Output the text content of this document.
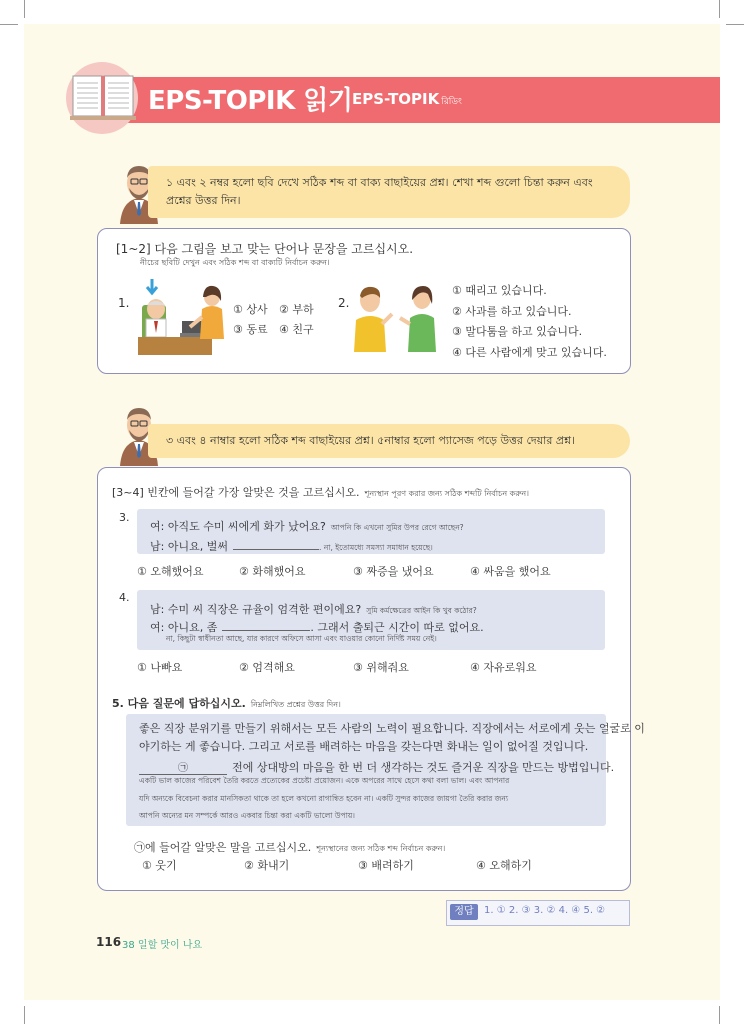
EPS-TOPIK 읽기 EPS-TOPIK রিডিং
১ এবং ২ নম্বর হলো ছবি দেখে সঠিক শব্দ বা বাক্য বাছাইয়ের প্রশ্ন। শেখা শব্দ গুলো চিন্তা করুন এবং প্রশ্নের উত্তর দিন।
[1~2] 다음 그림을 보고 맞는 단어나 문장을 고르십시오.
নীচের ছবিটি দেখুন এবং সঠিক শব্দ বা বাক্যটি নির্বাচন করুন।
1.	① 상사 ② 부하
③ 동료 ④ 친구
2.
① 때리고 있습니다.
② 사과를 하고 있습니다.
③ 말다툼을 하고 있습니다.
④ 다른 사람에게 맞고 있습니다.
৩ এবং ৪ নাম্বার হলো সঠিক শব্দ বাছাইয়ের প্রশ্ন। ৫নাম্বার হলো প্যাসেজ পড়ে উত্তর দেয়ার প্রশ্ন।
[3~4] 빈칸에 들어갈 가장 알맞은 것을 고르십시오. শূন্যস্থান পূরণ করার জন্য সঠিক শব্দটি নির্বাচন করুন।
3.
여: 아직도 수미 씨에게 화가 났어요? আপনি কি এখনো সুমির উপর রেগে আছেন?
남: 아니요, 벌써	. না, ইতোমধ্যে সমস্যা সমাধান হয়েছে।
① 오해했어요	② 화해했어요	③ 짜증을 냈어요	④ 싸움을 했어요
4.
남: 수미 씨 직장은 규율이 엄격한 편이에요? সুমি কর্মক্ষেত্রের আইন কি খুব কঠোর?
여: 아니요, 좀	. 그래서 출퇴근 시간이 따로 없어요.
না, কিছুটা স্বাধীনতা আছে, যার কারণে অফিসে আসা এবং যাওয়ার কোনো নির্দিষ্ট সময় নেই।
① 나빠요	② 엄격해요	③ 위해줘요	④ 자유로워요
5. 다음 질문에 답하십시오. নিম্নলিখিত প্রশ্নের উত্তর দিন।
좋은 직장 분위기를 만들기 위해서는 모든 사람의 노력이 필요합니다. 직장에서는 서로에게 웃는 얼굴로 이
야기하는 게 좋습니다. 그리고 서로를 배려하는 마음을 갖는다면 화내는 일이 없어질 것입니다.
㉠	전에 상대방의 마음을 한 번 더 생각하는 것도 즐거운 직장을 만드는 방법입니다.
একটি ভাল কাজের পরিবেশ তৈরি করতে প্রত্যেকের প্রচেষ্টা প্রয়োজন। একে অপরের সাথে হেসে কথা বলা ভাল। এবং আপনার
যদি অন্যকে বিবেচনা করার মানসিকতা থাকে তা হলে কখনো রাগান্বিত হবেন না। একটি সুন্দর কাজের জায়গা তৈরি করার জন্য
আপনি অন্যের মন সম্পর্কে আরও একবার চিন্তা করা একটি ভালো উপায়।
㉠에 들어갈 알맞은 말을 고르십시오. শূন্যস্থানের জন্য সঠিক শব্দ নির্বাচন করুন।
① 웃기	② 화내기	③ 배려하기	④ 오해하기
정답	1. ① 2. ③ 3. ② 4. ④ 5. ②
116 38 일할 맛이 나요
